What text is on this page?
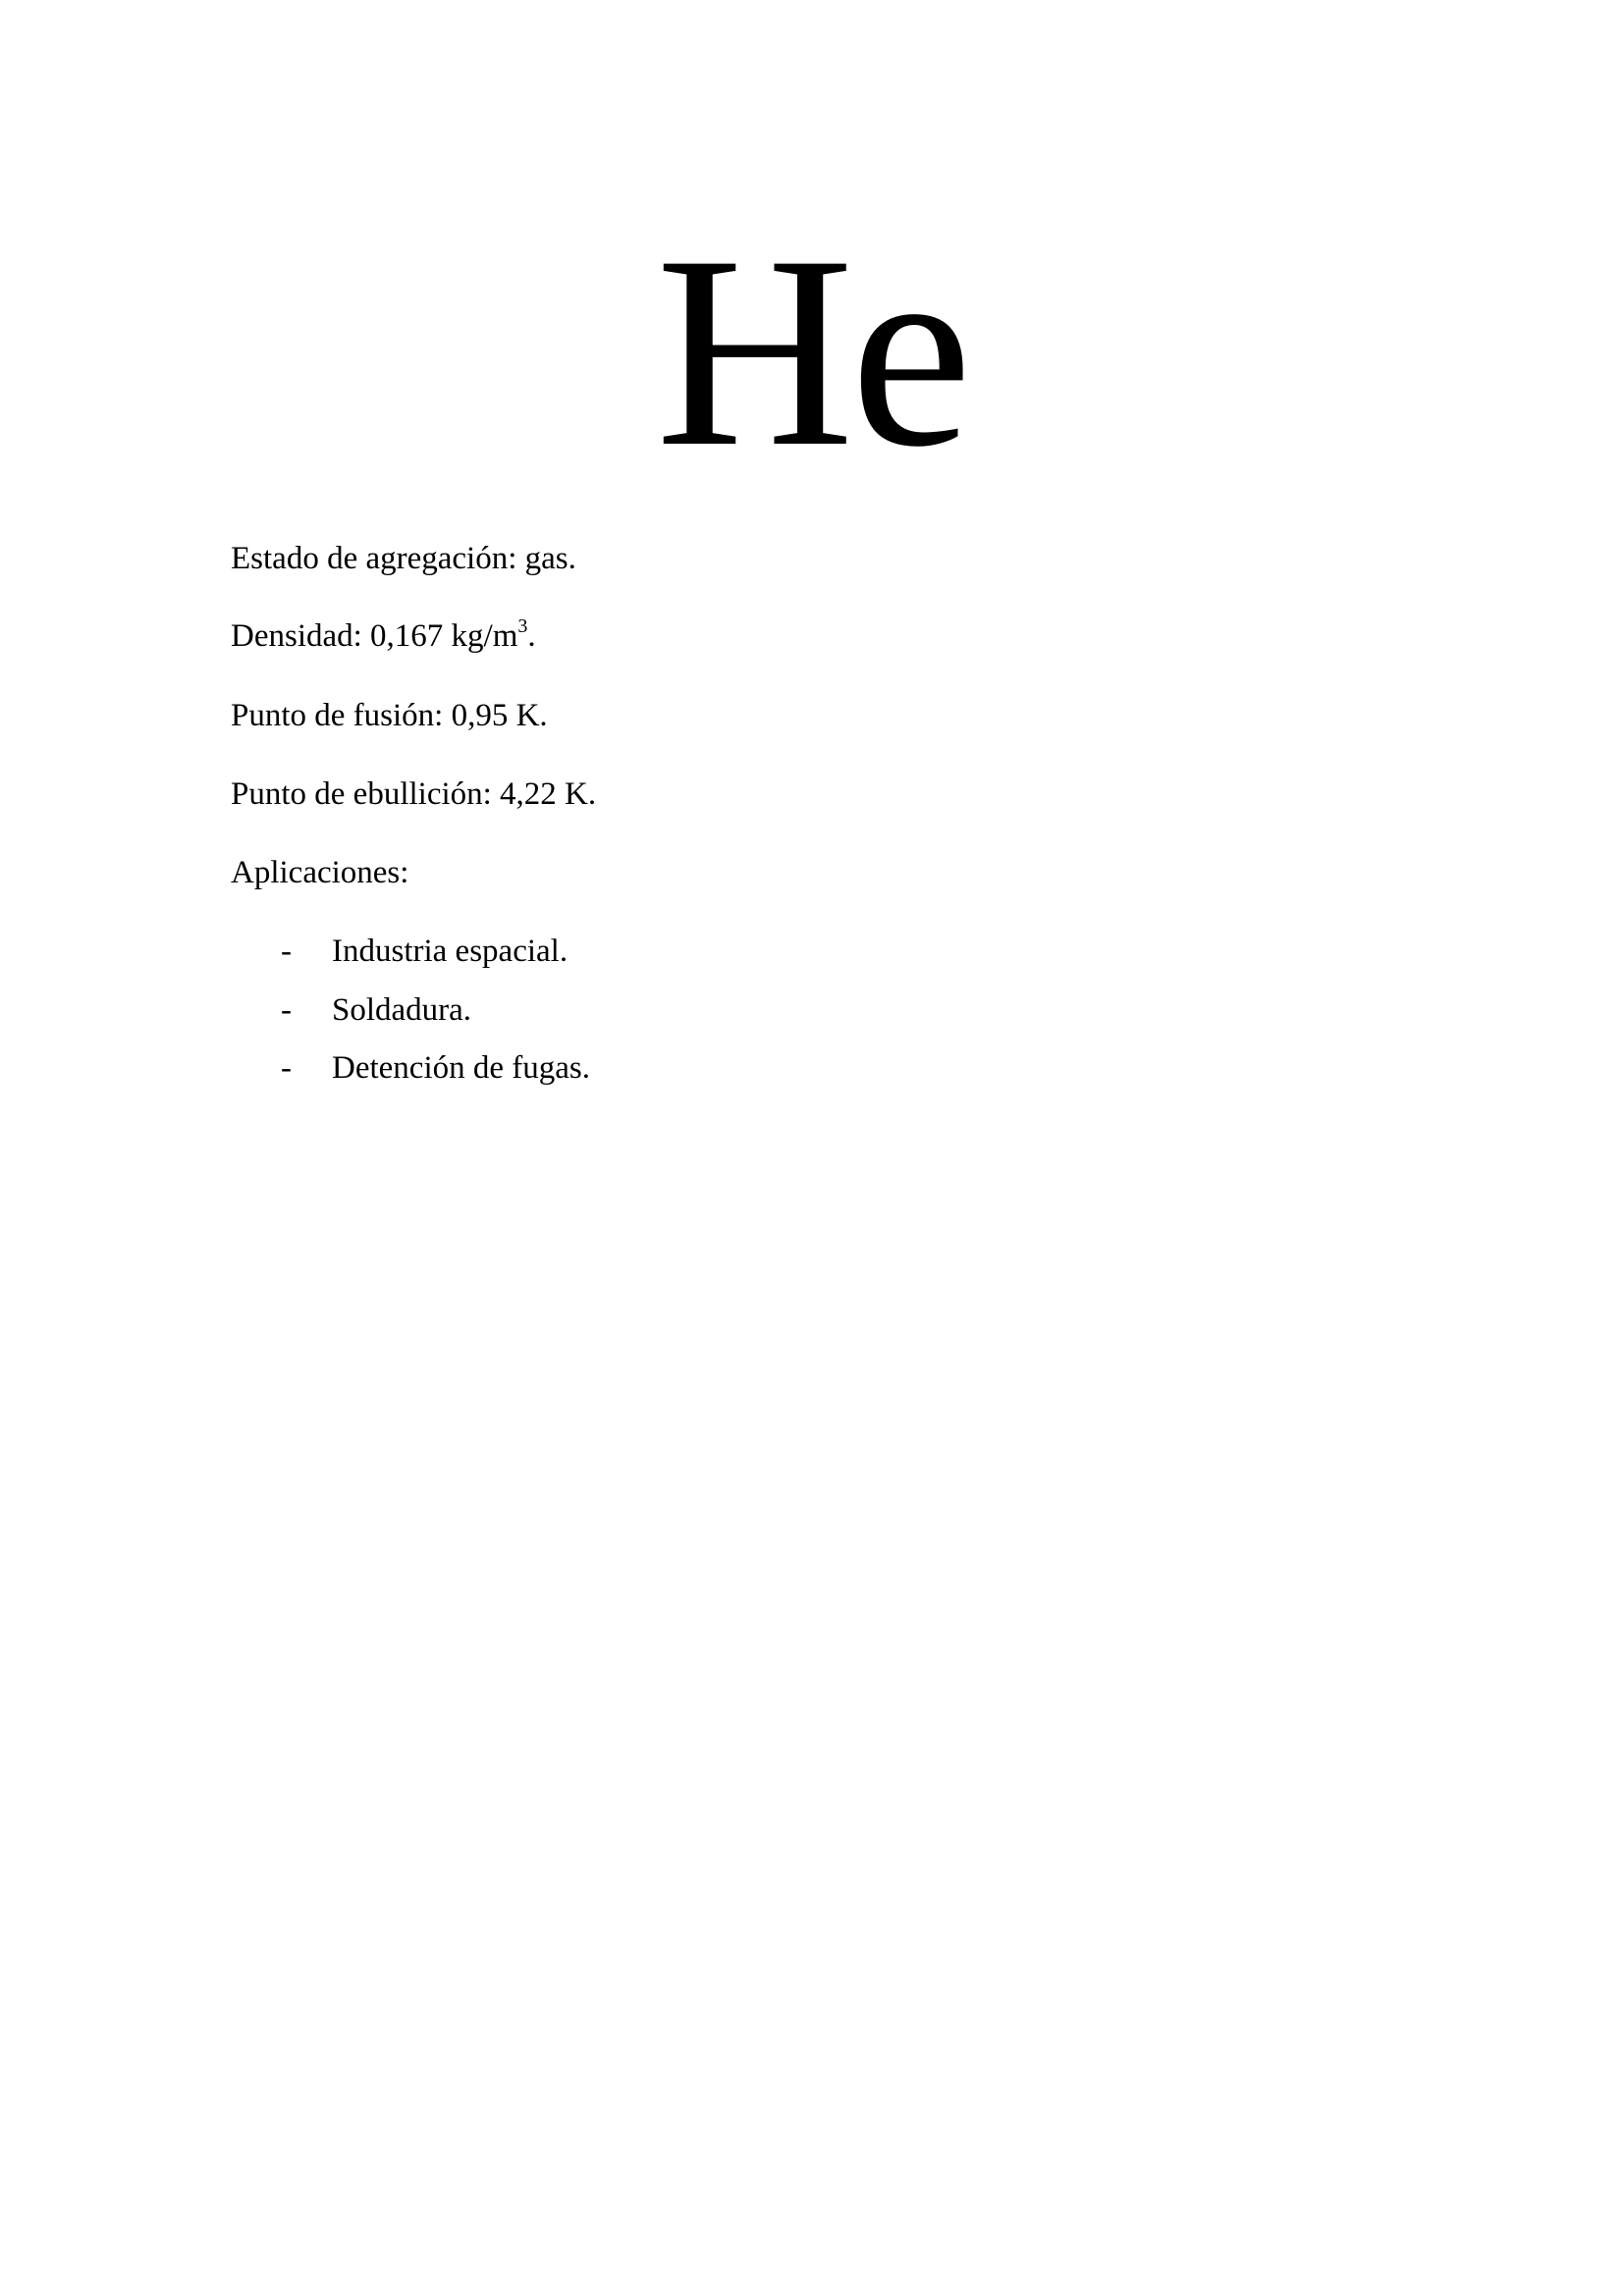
He

Estado de agregación: gas.

Densidad: 0,167 $kg/m^3$.

Punto de fusión: 0,95 K.

Punto de ebullición: 4,22 K.

Aplicaciones:

- Industria espacial.
- Soldadura.
- Detención de fugas.
